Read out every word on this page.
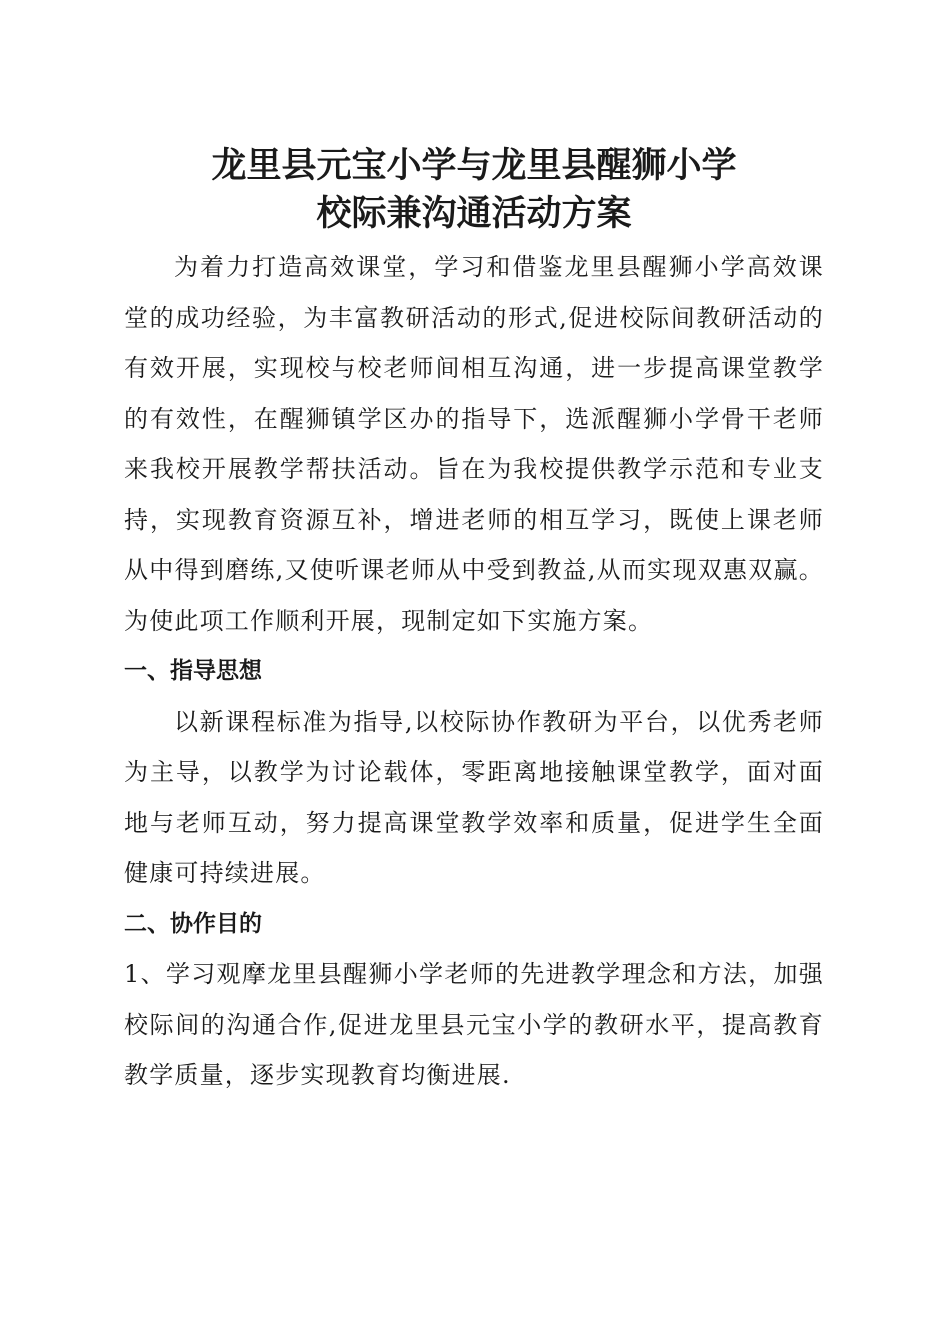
龙里县元宝小学与龙里县醒狮小学
校际兼沟通活动方案

为着力打造高效课堂，学习和借鉴龙里县醒狮小学高效课堂的成功经验，为丰富教研活动的形式,促进校际间教研活动的有效开展，实现校与校老师间相互沟通，进一步提高课堂教学的有效性，在醒狮镇学区办的指导下，选派醒狮小学骨干老师来我校开展教学帮扶活动。旨在为我校提供教学示范和专业支持，实现教育资源互补，增进老师的相互学习，既使上课老师从中得到磨练,又使听课老师从中受到教益,从而实现双惠双赢。为使此项工作顺利开展，现制定如下实施方案。

一、指导思想

以新课程标准为指导,以校际协作教研为平台，以优秀老师为主导，以教学为讨论载体，零距离地接触课堂教学，面对面地与老师互动，努力提高课堂教学效率和质量，促进学生全面健康可持续进展。

二、协作目的

1、学习观摩龙里县醒狮小学老师的先进教学理念和方法，加强校际间的沟通合作,促进龙里县元宝小学的教研水平，提高教育教学质量，逐步实现教育均衡进展.
